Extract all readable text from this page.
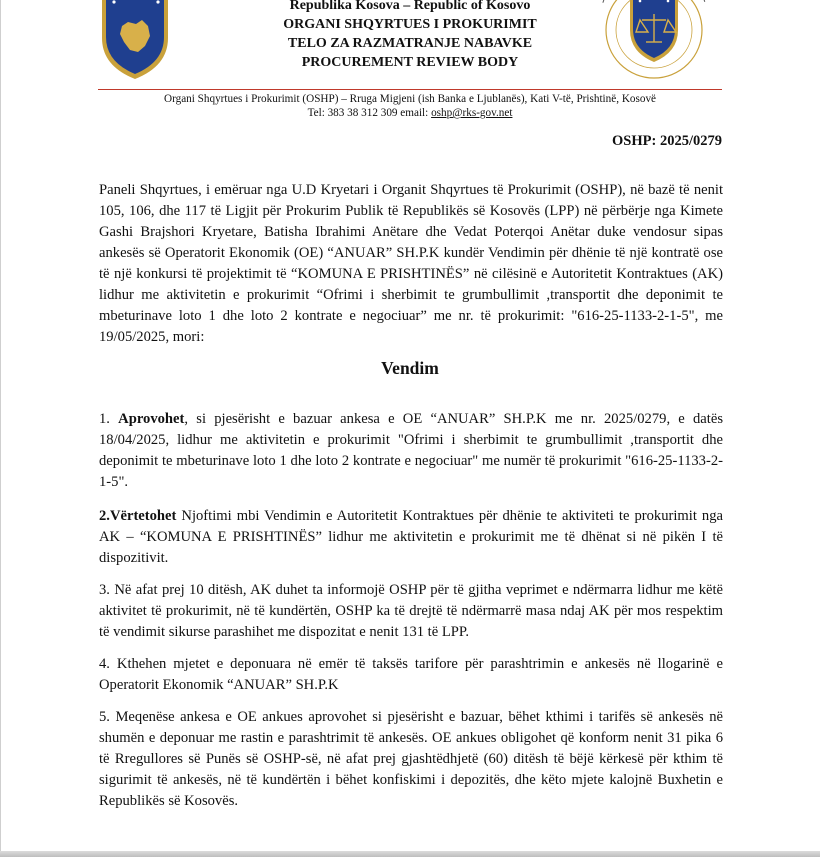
Republika Kosova – Republic of Kosovo
ORGANI SHQYRTUES I PROKURIMIT
TELO ZA RAZMATRANJE NABAVKE
PROCUREMENT REVIEW BODY
Organi Shqyrtues i Prokurimit (OSHP) – Rruga Migjeni (ish Banka e Ljublanës), Kati V-të, Prishtinë, Kosovë
Tel: 383 38 312 309 email: oshp@rks-gov.net
OSHP: 2025/0279

Paneli Shqyrtues, i emëruar nga U.D Kryetari i Organit Shqyrtues të Prokurimit (OSHP), në bazë të nenit 105, 106, dhe 117 të Ligjit për Prokurim Publik të Republikës së Kosovës (LPP) në përbërje nga Kimete Gashi Brajshori Kryetare, Batisha Ibrahimi Anëtare dhe Vedat Poterqoi Anëtar duke vendosur sipas ankesës së Operatorit Ekonomik (OE) “ANUAR” SH.P.K kundër Vendimin për dhënie të një kontratë ose të një konkursi të projektimit të “KOMUNA E PRISHTINËS” në cilësinë e Autoritetit Kontraktues (AK) lidhur me aktivitetin e prokurimit “Ofrimi i sherbimit te grumbullimit ,transportit dhe deponimit te mbeturinave loto 1 dhe loto 2 kontrate e negociuar” me nr. të prokurimit: "616-25-1133-2-1-5", me 19/05/2025, mori:

Vendim

1. Aprovohet, si pjesërisht e bazuar ankesa e OE “ANUAR” SH.P.K me nr. 2025/0279, e datës 18/04/2025, lidhur me aktivitetin e prokurimit "Ofrimi i sherbimit te grumbullimit ,transportit dhe deponimit te mbeturinave loto 1 dhe loto 2 kontrate e negociuar" me numër të prokurimit "616-25-1133-2-1-5".

2.Vërtetohet Njoftimi mbi Vendimin e Autoritetit Kontraktues për dhënie te aktiviteti te prokurimit nga AK – “KOMUNA E PRISHTINËS” lidhur me aktivitetin e prokurimit me të dhënat si në pikën I të dispozitivit.

3. Në afat prej 10 ditësh, AK duhet ta informojë OSHP për të gjitha veprimet e ndërmarra lidhur me këtë aktivitet të prokurimit, në të kundërtën, OSHP ka të drejtë të ndërmarrë masa ndaj AK për mos respektim të vendimit sikurse parashihet me dispozitat e nenit 131 të LPP.

4. Kthehen mjetet e deponuara në emër të taksës tarifore për parashtrimin e ankesës në llogarinë e Operatorit Ekonomik “ANUAR” SH.P.K

5. Meqenëse ankesa e OE ankues aprovohet si pjesërisht e bazuar, bëhet kthimi i tarifës së ankesës në shumën e deponuar me rastin e parashtrimit të ankesës. OE ankues obligohet që konform nenit 31 pika 6 të Rregullores së Punës së OSHP-së, në afat prej gjashtëdhjetë (60) ditësh të bëjë kërkesë për kthim të sigurimit të ankesës, në të kundërtën i bëhet konfiskimi i depozitës, dhe këto mjete kalojnë Buxhetin e Republikës së Kosovës.
